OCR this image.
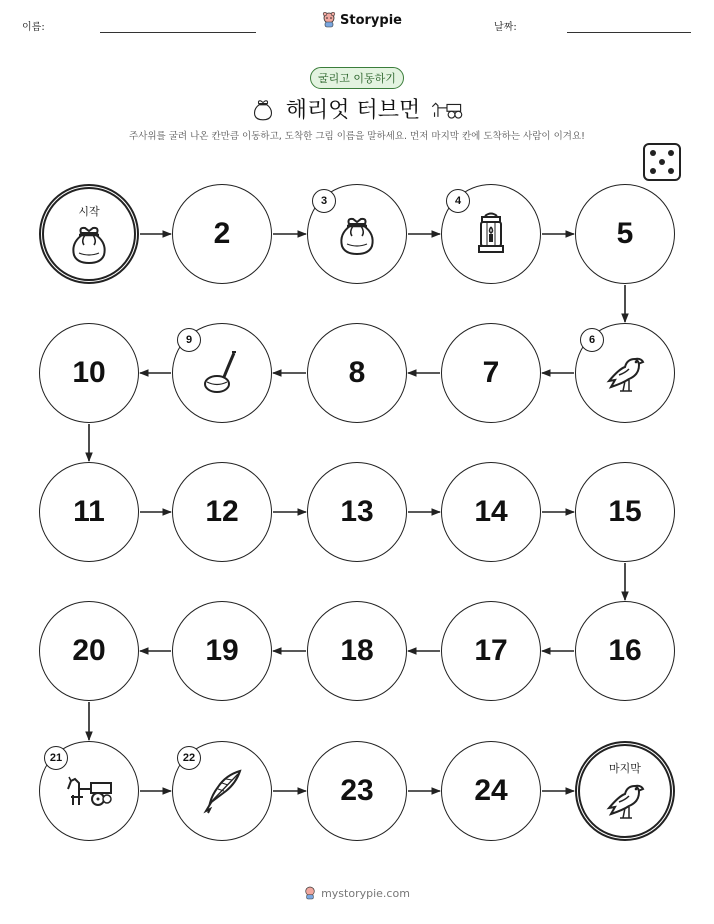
이름:	Storypie	날짜:
굴리고 이동하기
해리엇 터브먼
주사위를 굴려 나온 칸만큼 이동하고, 도착한 그림 이름을 말하세요. 먼저 마지막 칸에 도착하는 사람이 이겨요!
시작
2
3	4
5
10
9
8	7
6
11	12	13	14	15
20	19	18	17	16
21	22
23	24
마지막
mystorypie.com
